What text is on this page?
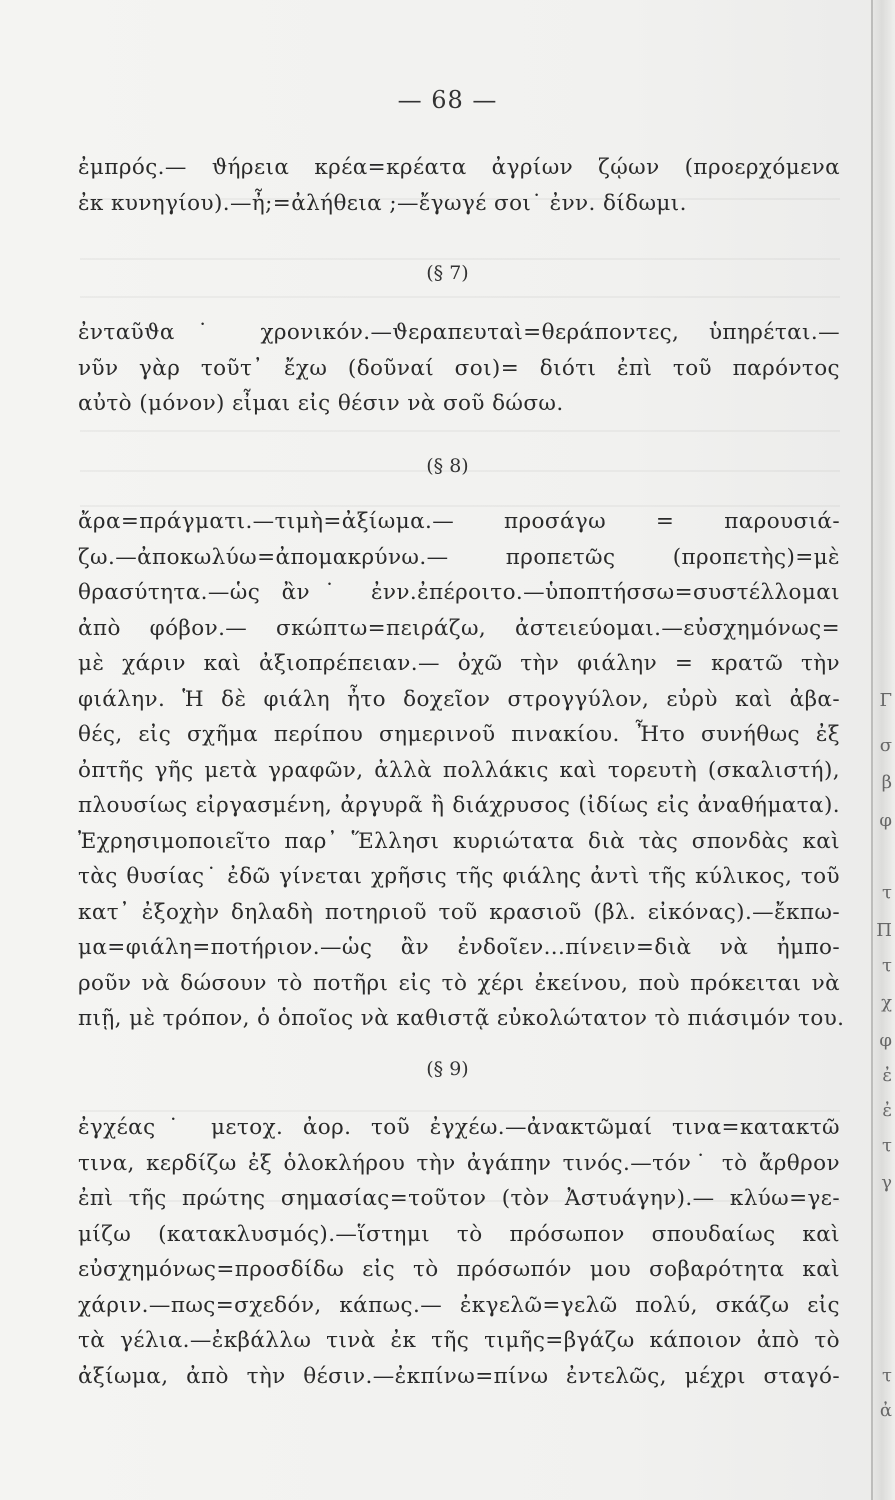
— 68 —
ἐμπρός.— ϑήρεια κρέα=κρέατα ἀγρίων ζῴων (προερχόμενα
ἐκ κυνηγίου).—ἦ;=ἀλήθεια ;—ἔγωγέ σοι˙ ἐνν. δίδωμι.
(§ 7)
ἐνταῦϑα˙ χρονικόν.—ϑεραπευταὶ=θεράποντες, ὑπηρέται.—
νῦν γὰρ τοῦτ᾿ ἔχω (δοῦναί σοι)= διότι ἐπὶ τοῦ παρόντος
αὐτὸ (μόνον) εἶμαι εἰς θέσιν νὰ σοῦ δώσω.
(§ 8)
ἄρα=πράγματι.—τιμὴ=ἀξίωμα.— προσάγω = παρουσιά-
ζω.—ἀποκωλύω=ἀπομακρύνω.— προπετῶς (προπετὴς)=μὲ
θρασύτητα.—ὡς ἂν˙ ἐνν.ἐπέροιτο.—ὑποπτήσσω=συστέλλομαι
ἀπὸ φόβον.— σκώπτω=πειράζω, ἀστειεύομαι.—εὐσχημόνως=
μὲ χάριν καὶ ἀξιοπρέπειαν.— ὀχῶ τὴν φιάλην = κρατῶ τὴν
φιάλην. Ἡ δὲ φιάλη ἦτο δοχεῖον στρογγύλον, εὐρὺ καὶ ἀβα-
θές, εἰς σχῆμα περίπου σημερινοῦ πινακίου. Ἦτο συνήθως ἐξ
ὀπτῆς γῆς μετὰ γραφῶν, ἀλλὰ πολλάκις καὶ τορευτὴ (σκαλιστή),
πλουσίως εἰργασμένη, ἀργυρᾶ ἢ διάχρυσος (ἰδίως εἰς ἀναθήματα).
Ἐχρησιμοποιεῖτο παρ᾿ Ἕλλησι κυριώτατα διὰ τὰς σπονδὰς καὶ
τὰς θυσίας˙ ἐδῶ γίνεται χρῆσις τῆς φιάλης ἀντὶ τῆς κύλικος, τοῦ
κατ᾿ ἐξοχὴν δηλαδὴ ποτηριοῦ τοῦ κρασιοῦ (βλ. εἰκόνας).—ἔκπω-
μα=φιάλη=ποτήριον.—ὡς ἂν ἐνδοῖεν...πίνειν=διὰ νὰ ἠμπο-
ροῦν νὰ δώσουν τὸ ποτῆρι εἰς τὸ χέρι ἐκείνου, ποὺ πρόκειται νὰ
πιῇ, μὲ τρόπον, ὁ ὁποῖος νὰ καθιστᾷ εὐκολώτατον τὸ πιάσιμόν του.
(§ 9)
ἐγχέας˙ μετοχ. ἀορ. τοῦ ἐγχέω.—ἀνακτῶμαί τινα=κατακτῶ
τινα, κερδίζω ἐξ ὁλοκλήρου τὴν ἀγάπην τινός.—τόν˙ τὸ ἄρθρον
ἐπὶ τῆς πρώτης σημασίας=τοῦτον (τὸν Ἀστυάγην).— κλύω=γε-
μίζω (κατακλυσμός).—ἵστημι τὸ πρόσωπον σπουδαίως καὶ
εὐσχημόνως=προσδίδω εἰς τὸ πρόσωπόν μου σοβαρότητα καὶ
χάριν.—πως=σχεδόν, κάπως.— ἐκγελῶ=γελῶ πολύ, σκάζω εἰς
τὰ γέλια.—ἐκβάλλω τινὰ ἐκ τῆς τιμῆς=βγάζω κάποιον ἀπὸ τὸ
ἀξίωμα, ἀπὸ τὴν θέσιν.—ἐκπίνω=πίνω ἐντελῶς, μέχρι σταγό-
Γ
σ
β
φ
τ
Π
τ
χ
φ
ἐ
ἐ
τ
γ
τ
ἀ
